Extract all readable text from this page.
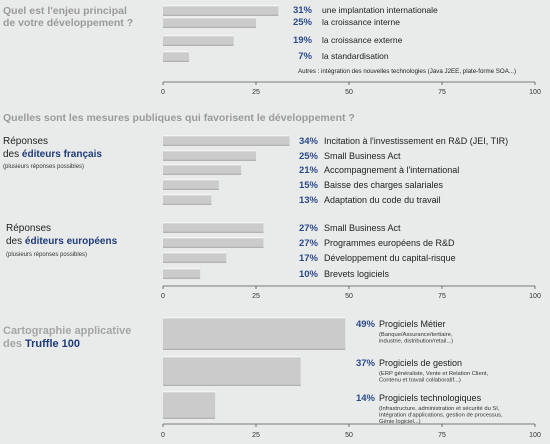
Quel est l'enjeu principal
de votre développement ?
31% une implantation internationale
25% la croissance interne
19% la croissance externe
7% la standardisation
Autres : intégration des nouvelles technologies (Java J2EE, plate-forme SOA...)
0	25	50	75	100
Quelles sont les mesures publiques qui favorisent le développement ?
Réponses
des éditeurs français
(plusieurs réponses possibles)
34% Incitation à l'investissement en R&D (JEI, TIR)
25% Small Business Act
21% Accompagnement à l'international
15% Baisse des charges salariales
13% Adaptation du code du travail
Réponses
des éditeurs européens
(plusieurs réponses possibles)
27% Small Business Act
27% Programmes européens de R&D
17% Développement du capital-risque
10% Brevets logiciels
0	25	50	75	100
Cartographie applicative
des Truffle 100
49% Progiciels Métier
(Banque/Assurance/tertiaire,
industrie, distribution/retail...)
37% Progiciels de gestion
(ERP généraliste, Vente et Relation Client,
Contenu et travail collaboratif...)
14% Progiciels technologiques
(Infrastructure, administration et sécurité du SI,
Intégration d'applications, gestion de processus,
Génie logiciel...)
0	25	50	75	100
